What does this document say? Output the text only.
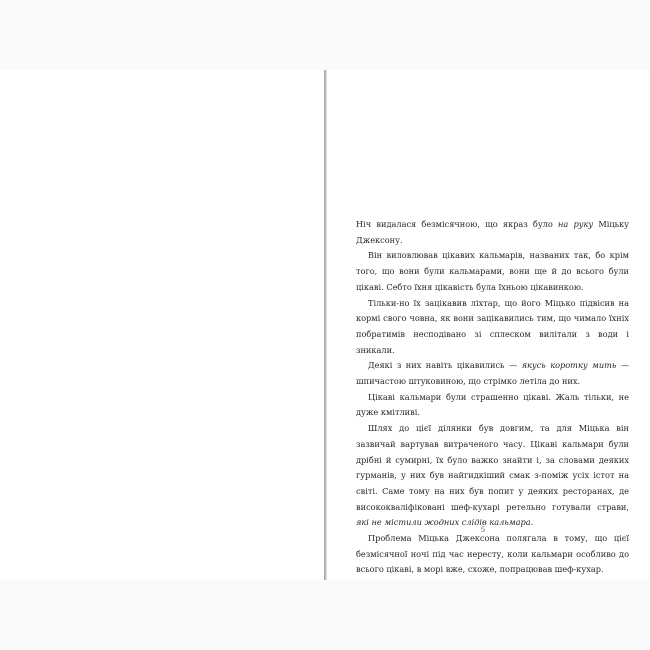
Ніч видалася безмісячною, що якраз було на руку Міцьку Джексону.

Він виловлював цікавих кальмарів, названих так, бо крім того, що вони були кальмарами, вони ще й до всього були цікаві. Себто їхня цікавість була їхньою цікавинкою.

Тільки-но їх зацікавив ліхтар, що його Міцько підвісив на кормі свого човна, як вони зацікавились тим, що чимало їхніх побратимів несподівано зі сплеском вилітали з води і зникали.

Деякі з них навіть цікавились — якусь коротку мить — шпичастою штуковиною, що стрімко летіла до них.

Цікаві кальмари були страшенно цікаві. Жаль тільки, не дуже кмітливі.

Шлях до цієї ділянки був довгим, та для Міцька він зазвичай вартував витраченого часу. Цікаві кальмари були дрібні й сумирні, їх було важко знайти і, за словами деяких гурманів, у них був найгидкіший смак з-поміж усіх істот на світі. Саме тому на них був попит у деяких ресторанах, де висококваліфіковані шеф-кухарі ретельно готували страви, які не містили жодних слідів кальмара.

Проблема Міцька Джексона полягала в тому, що цієї безмісячної ночі під час нересту, коли кальмари особливо до всього цікаві, в морі вже, схоже, попрацював шеф-кухар.

5
